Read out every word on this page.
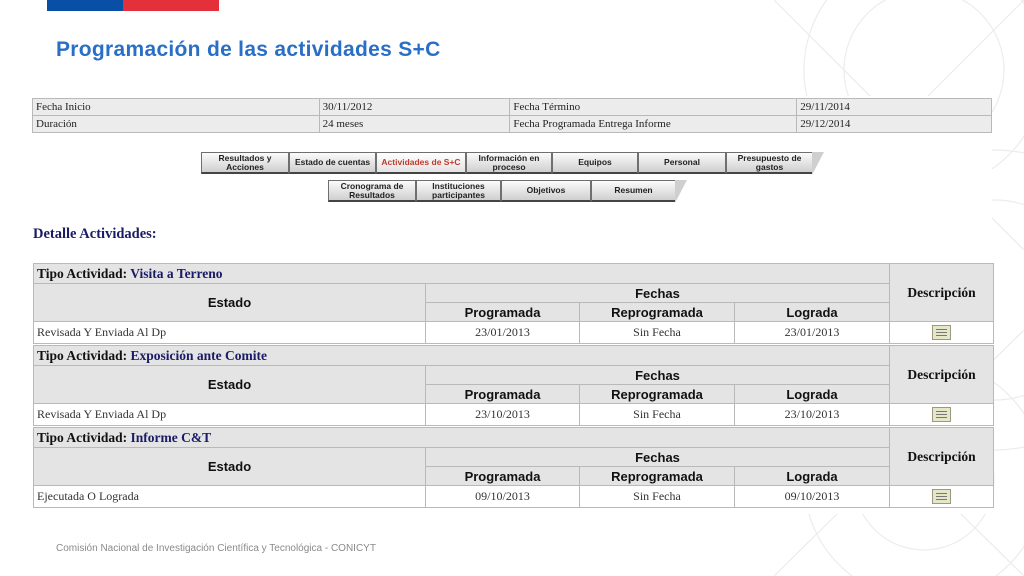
Programación de las actividades S+C
Fecha Inicio	30/11/2012	Fecha Término	29/11/2014
Duración	24 meses	Fecha Programada Entrega Informe	29/12/2014
Resultados y Acciones	Estado de cuentas	Actividades de S+C	Información en proceso	Equipos	Personal	Presupuesto de gastos
Cronograma de Resultados
Instituciones participantes	Objetivos	Resumen
Detalle Actividades:
Tipo Actividad: Visita a Terreno				Descripción
Estado	Fechas			
	Programada	Reprogramada	Lograda	
Revisada Y Enviada Al Dp	23/01/2013	Sin Fecha	23/01/2013	
Tipo Actividad: Exposición ante Comite				Descripción
Estado	Fechas			
	Programada	Reprogramada	Lograda	
Revisada Y Enviada Al Dp	23/10/2013	Sin Fecha	23/10/2013	
Tipo Actividad: Informe C&T				Descripción
Estado	Fechas			
	Programada	Reprogramada	Lograda	
Ejecutada O Lograda	09/10/2013	Sin Fecha	09/10/2013	
Comisión Nacional de Investigación Científica y Tecnológica - CONICYT
